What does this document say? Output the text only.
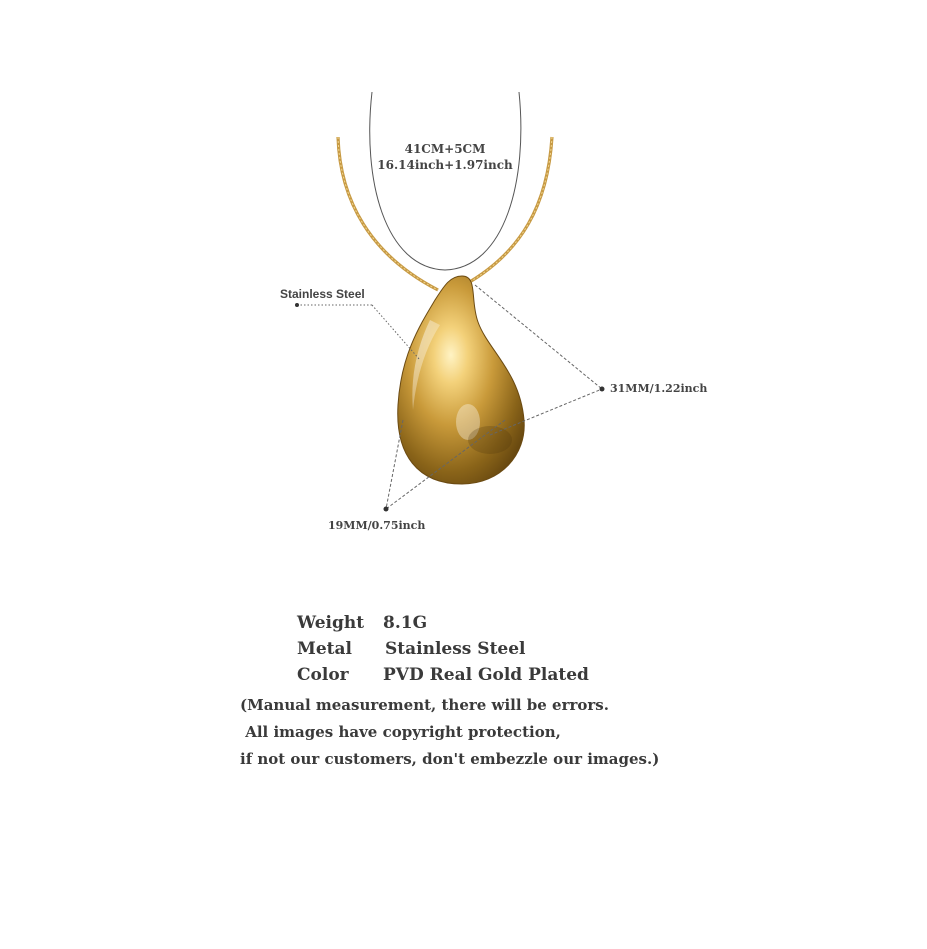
41CM+5CM
16.14inch+1.97inch
Stainless Steel
31MM/1.22inch
19MM/0.75inch
Weight	8.1G
Metal	Stainless Steel
Color	PVD Real Gold Plated
(Manual measurement, there will be errors.
All images have copyright protection,
if not our customers, don't embezzle our images.)
